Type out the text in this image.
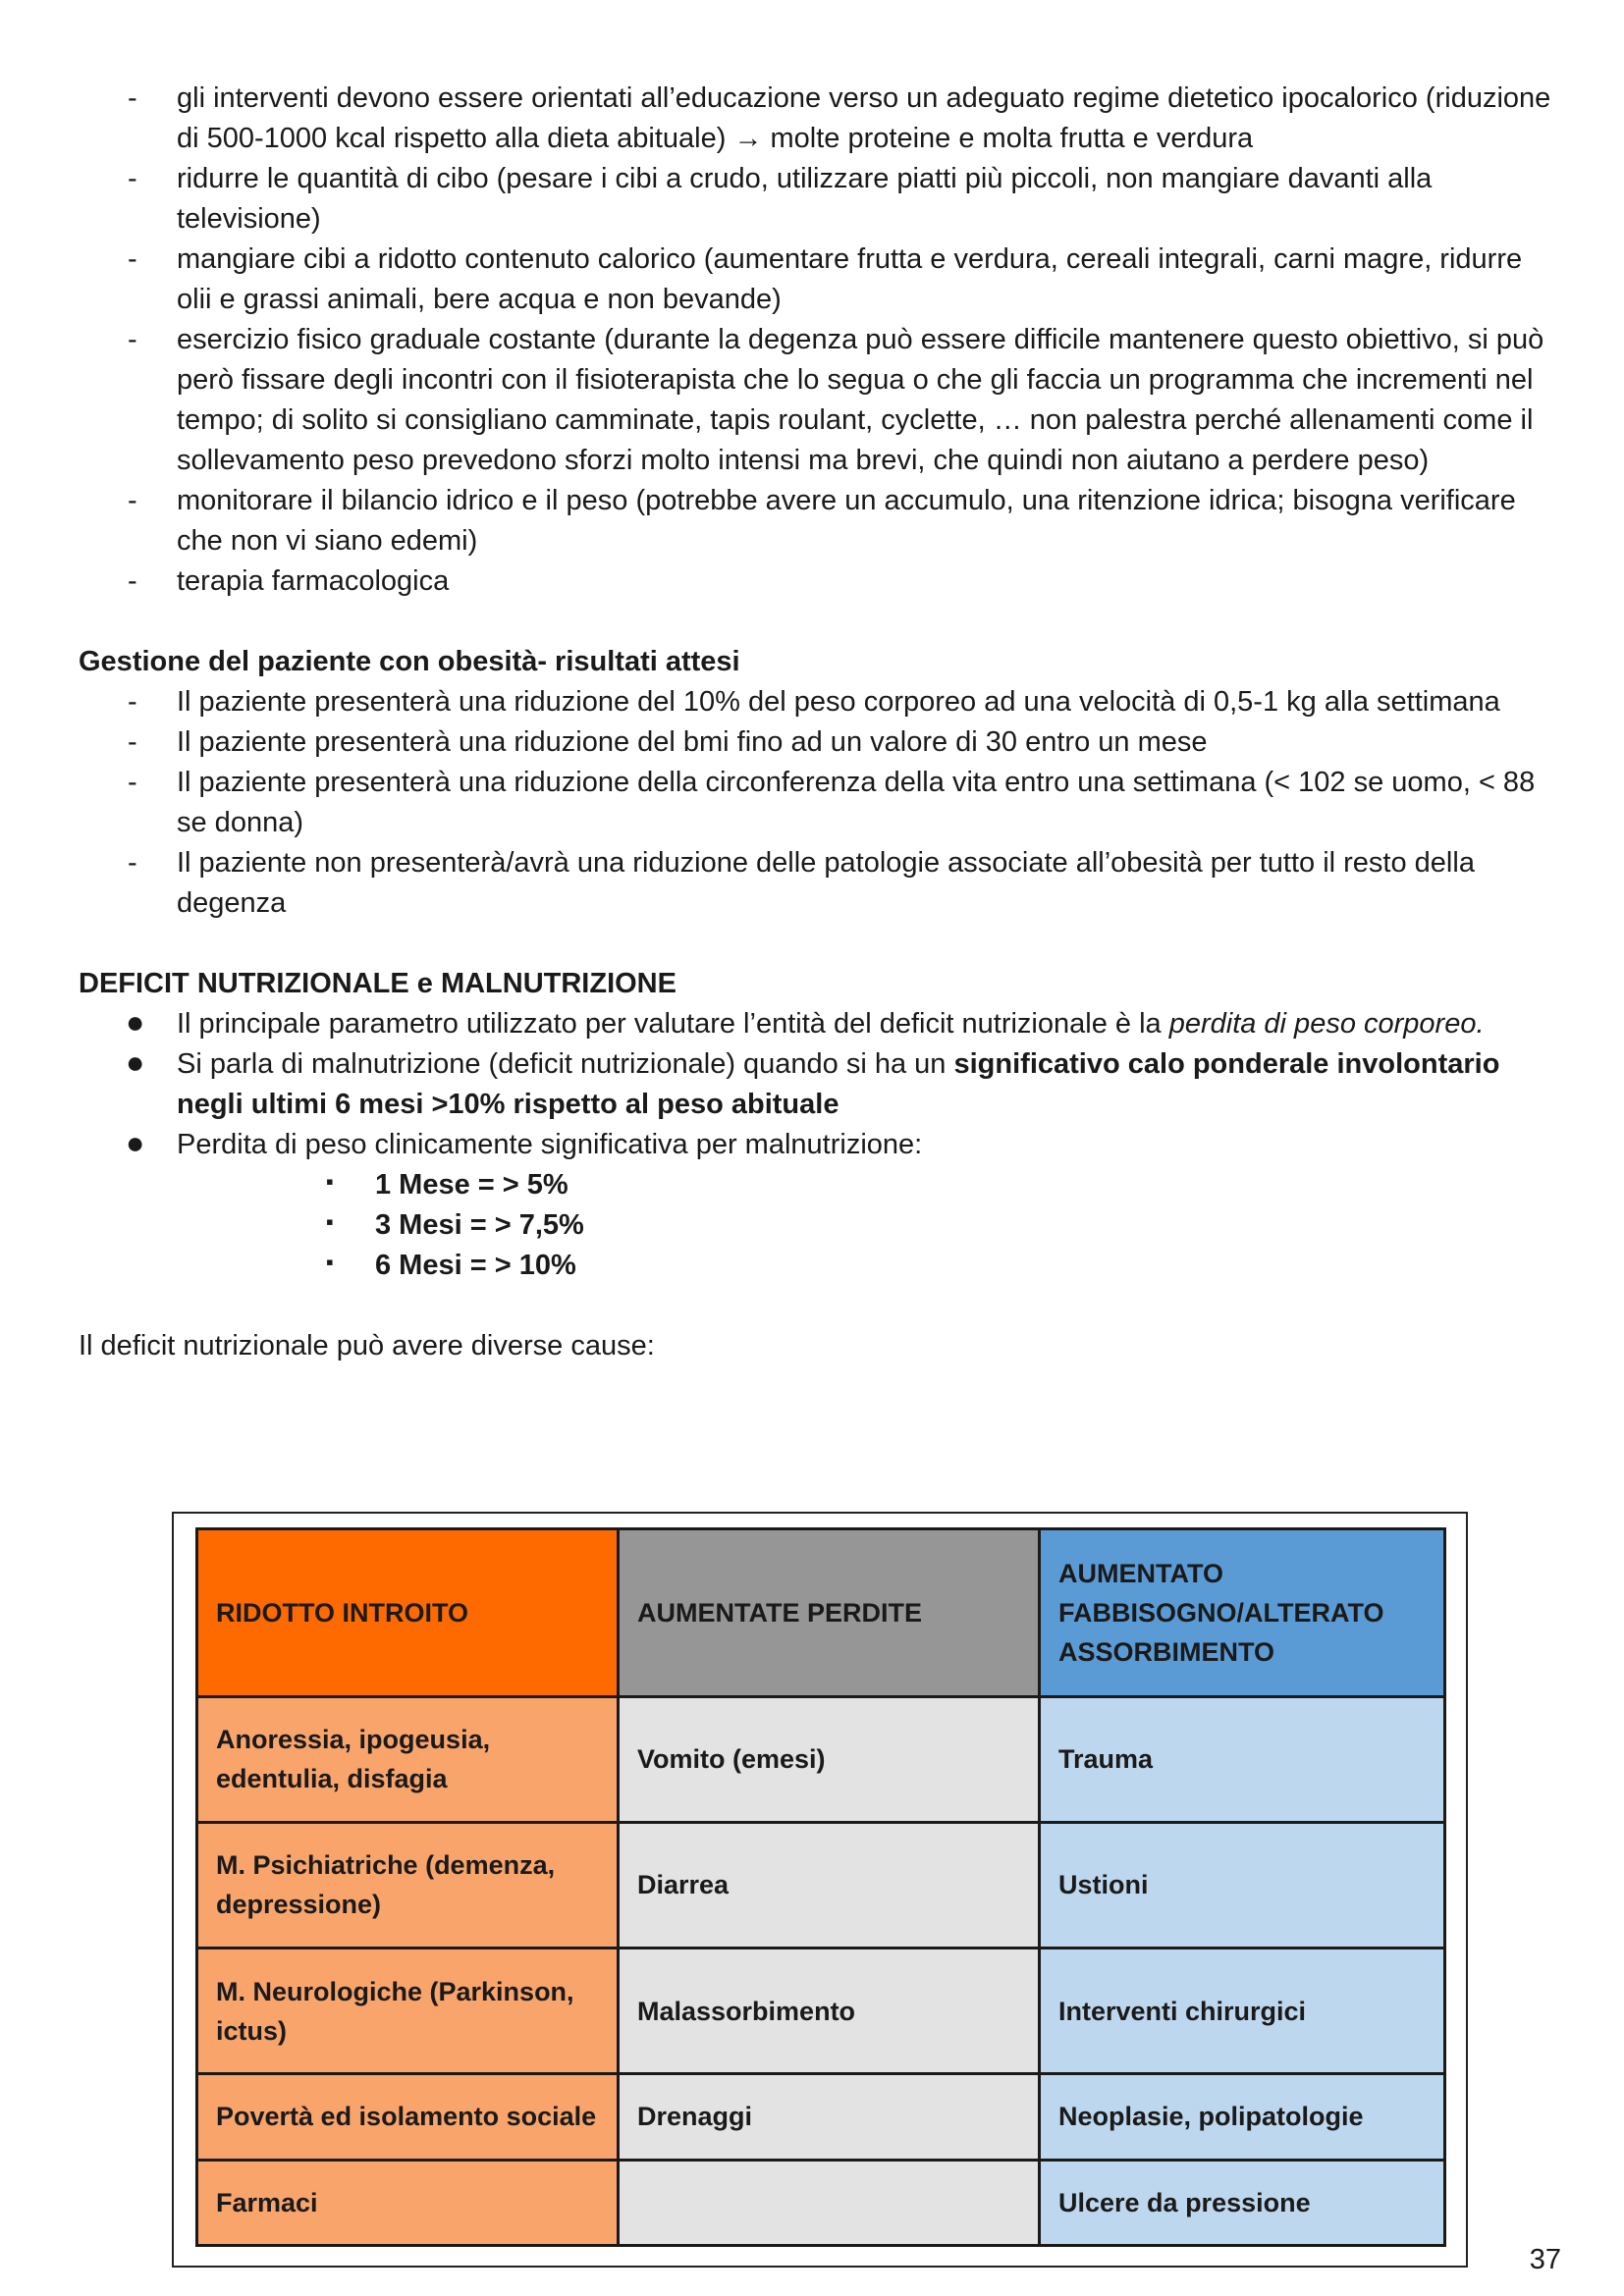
- gli interventi devono essere orientati all’educazione verso un adeguato regime dietetico ipocalorico (riduzione di 500-1000 kcal rispetto alla dieta abituale) → molte proteine e molta frutta e verdura
- ridurre le quantità di cibo (pesare i cibi a crudo, utilizzare piatti più piccoli, non mangiare davanti alla televisione)
- mangiare cibi a ridotto contenuto calorico (aumentare frutta e verdura, cereali integrali, carni magre, ridurre olii e grassi animali, bere acqua e non bevande)
- esercizio fisico graduale costante (durante la degenza può essere difficile mantenere questo obiettivo, si può però fissare degli incontri con il fisioterapista che lo segua o che gli faccia un programma che incrementi nel tempo; di solito si consigliano camminate, tapis roulant, cyclette, … non palestra perché allenamenti come il sollevamento peso prevedono sforzi molto intensi ma brevi, che quindi non aiutano a perdere peso)
- monitorare il bilancio idrico e il peso (potrebbe avere un accumulo, una ritenzione idrica; bisogna verificare che non vi siano edemi)
- terapia farmacologica

Gestione del paziente con obesità- risultati attesi

- Il paziente presenterà una riduzione del 10% del peso corporeo ad una velocità di 0,5-1 kg alla settimana
- Il paziente presenterà una riduzione del bmi fino ad un valore di 30 entro un mese
- Il paziente presenterà una riduzione della circonferenza della vita entro una settimana (< 102 se uomo, < 88 se donna)
- Il paziente non presenterà/avrà una riduzione delle patologie associate all’obesità per tutto il resto della degenza

DEFICIT NUTRIZIONALE e MALNUTRIZIONE

● Il principale parametro utilizzato per valutare l’entità del deficit nutrizionale è la perdita di peso corporeo.
● Si parla di malnutrizione (deficit nutrizionale) quando si ha un significativo calo ponderale involontario negli ultimi 6 mesi >10% rispetto al peso abituale
● Perdita di peso clinicamente significativa per malnutrizione:
▪ 1 Mese = > 5%
▪ 3 Mesi = > 7,5%
▪ 6 Mesi = > 10%

Il deficit nutrizionale può avere diverse cause:

RIDOTTO INTROITO	AUMENTATE PERDITE	AUMENTATO FABBISOGNO/ALTERATO ASSORBIMENTO
Anoressia, ipogeusia, edentulia, disfagia	Vomito (emesi)	Trauma
M. Psichiatriche (demenza, depressione)	Diarrea	Ustioni
M. Neurologiche (Parkinson, ictus)	Malassorbimento	Interventi chirurgici
Povertà ed isolamento sociale	Drenaggi	Neoplasie, polipatologie
Farmaci		Ulcere da pressione
37
